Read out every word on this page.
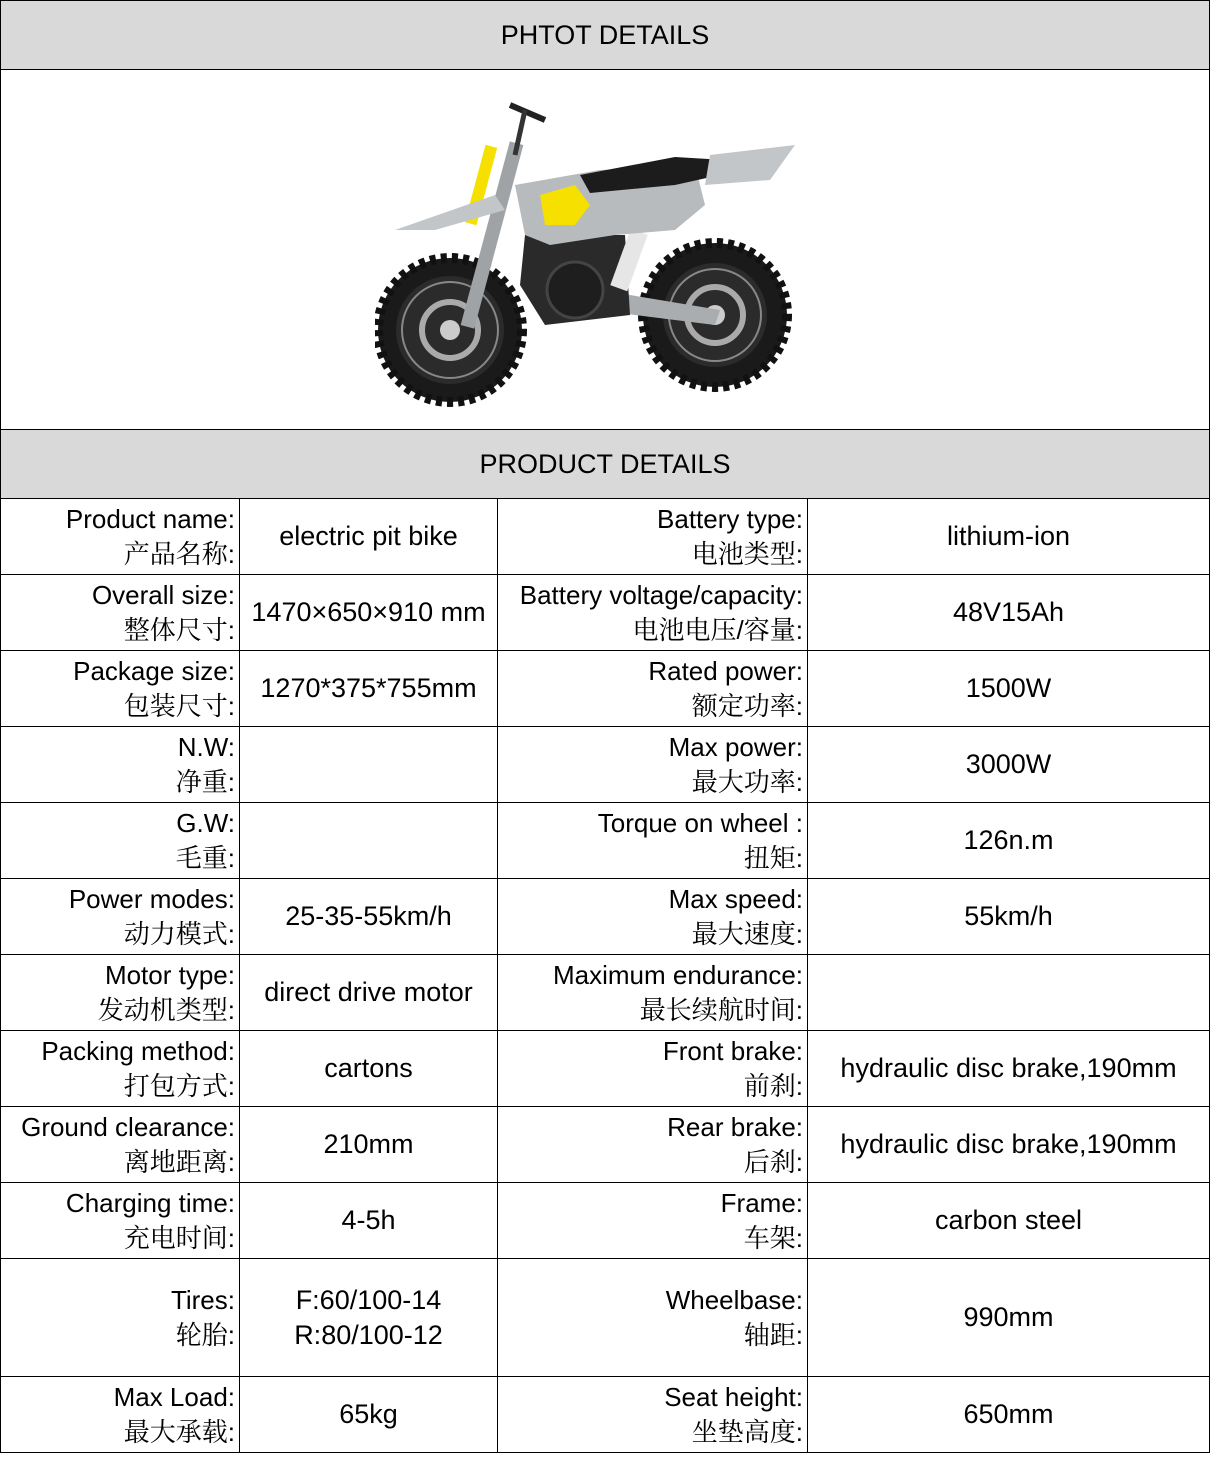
PHTOT DETAILS			

PRODUCT DETAILS			

Product name:
产品名称:	electric pit bike	Battery type:
电池类型:	lithium-ion

Overall size:
整体尺寸:	1470×650×910 mm	Battery voltage/capacity:
电池电压/容量:	48V15Ah

Package size:
包装尺寸:	1270*375*755mm	Rated power:
额定功率:	1500W

N.W:
净重:		Max power:
最大功率:	3000W

G.W:
毛重:		Torque on wheel :
扭矩:	126n.m

Power modes:
动力模式:	25-35-55km/h	Max speed:
最大速度:	55km/h

Motor type:
发动机类型:	direct drive motor	Maximum endurance:
最长续航时间:	

Packing method:
打包方式:	cartons	Front brake:
前刹:	hydraulic disc brake,190mm

Ground clearance:
离地距离:	210mm	Rear brake:
后刹:	hydraulic disc brake,190mm

Charging time:
充电时间:	4-5h	Frame:
车架:	carbon steel

Tires:
轮胎:	F:60/100-14
R:80/100-12	Wheelbase:
轴距:	990mm

Max Load:
最大承载:	65kg	Seat height:
坐垫高度:	650mm
